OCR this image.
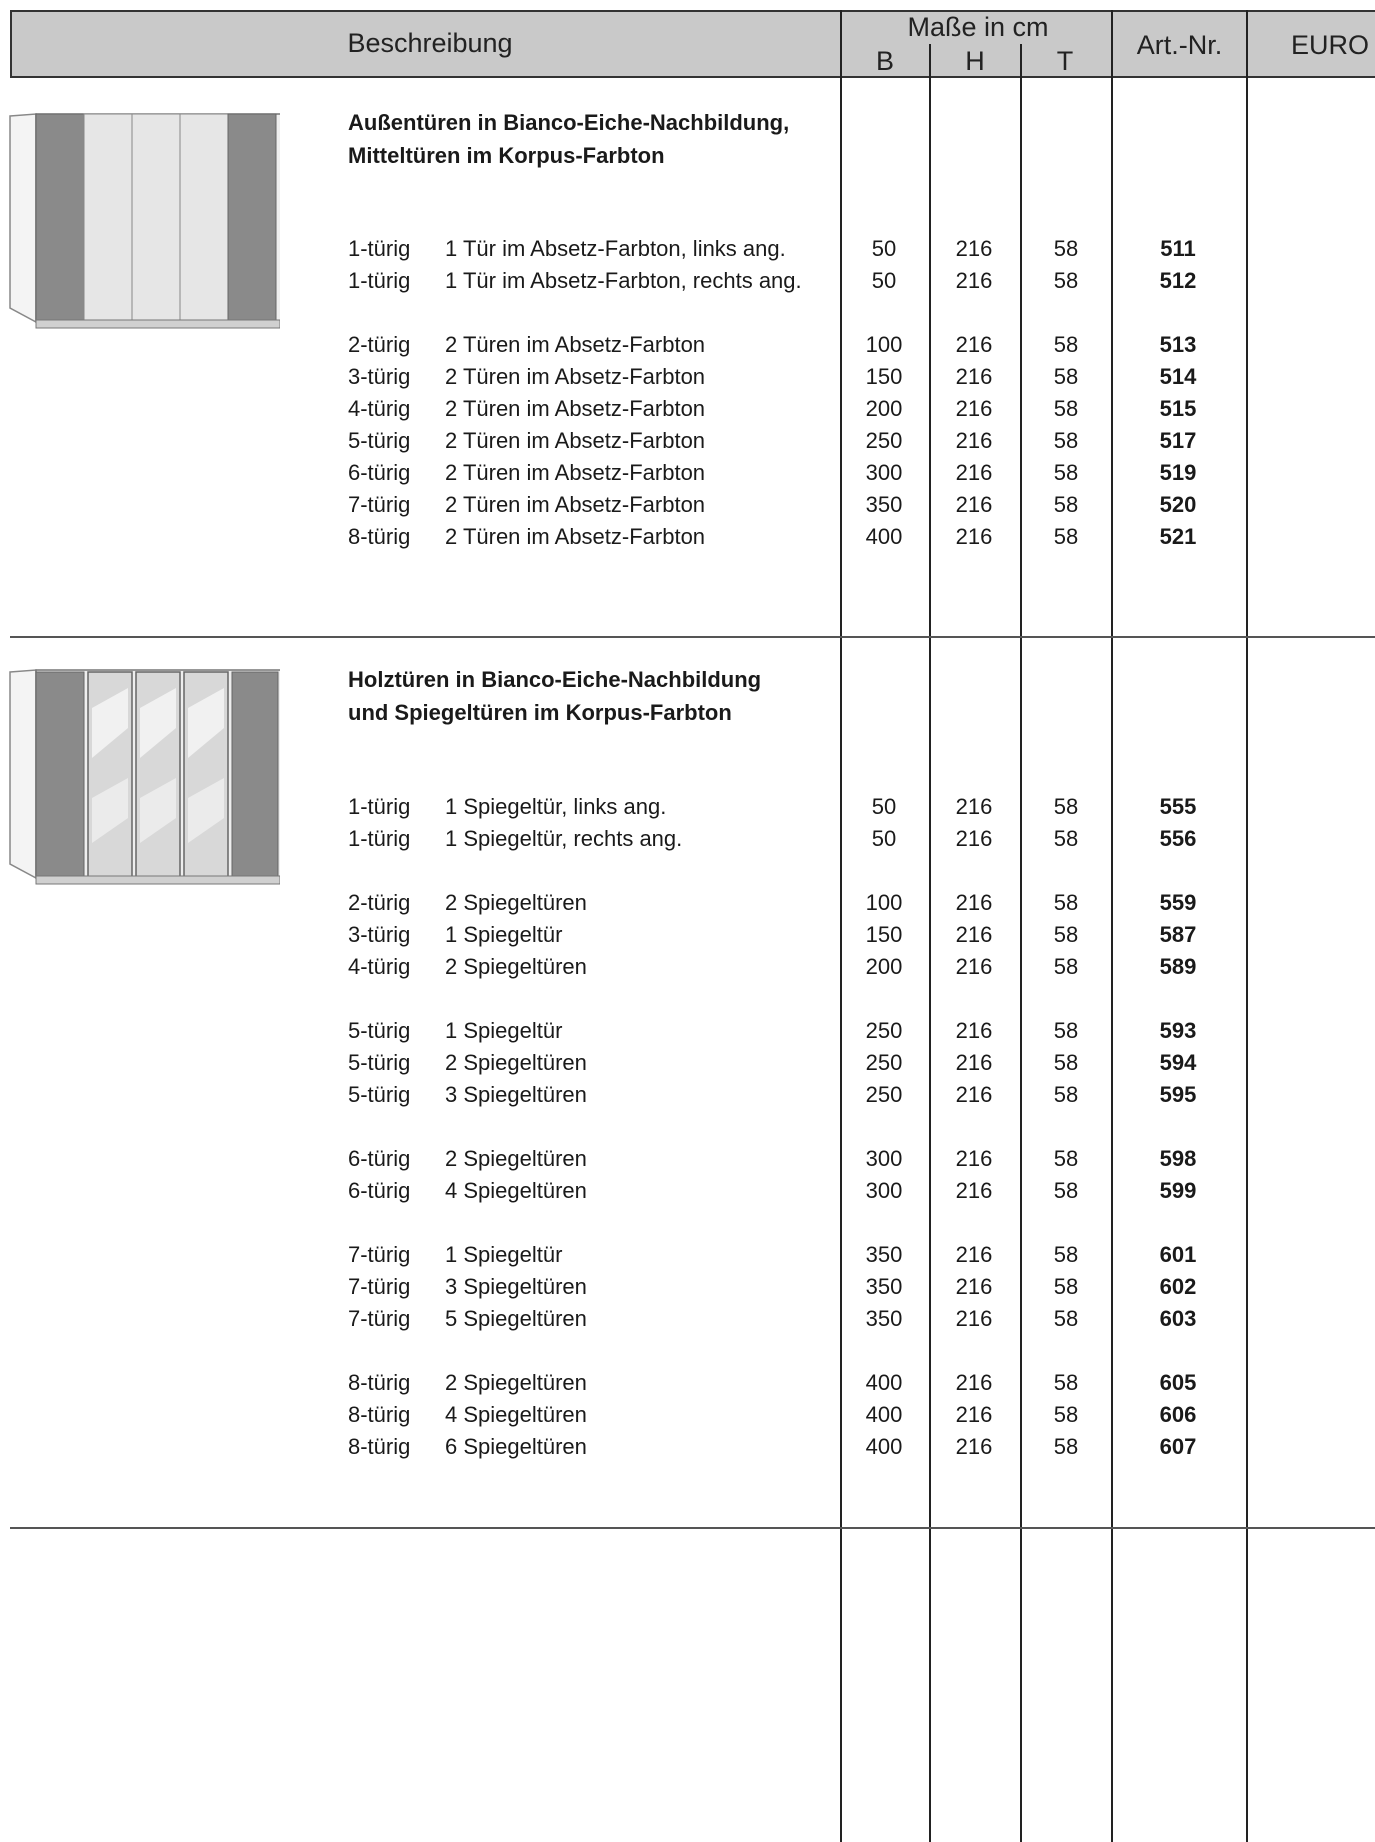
Beschreibung
Maße in cm
B	H	T
Art.-Nr.	EURO
Außentüren in Bianco-Eiche-Nachbildung,
Mitteltüren im Korpus-Farbton
Holztüren in Bianco-Eiche-Nachbildung
und Spiegeltüren im Korpus-Farbton
1-türig 1 Tür im Absetz-Farbton, links ang.	50	216	58	511
1-türig 1 Tür im Absetz-Farbton, rechts ang.	50	216	58	512
2-türig 2 Türen im Absetz-Farbton	100	216	58	513
3-türig 2 Türen im Absetz-Farbton	150	216	58	514
4-türig 2 Türen im Absetz-Farbton	200	216	58	515
5-türig 2 Türen im Absetz-Farbton	250	216	58	517
6-türig 2 Türen im Absetz-Farbton	300	216	58	519
7-türig 2 Türen im Absetz-Farbton	350	216	58	520
8-türig 2 Türen im Absetz-Farbton	400	216	58	521
1-türig 1 Spiegeltür, links ang.	50	216	58	555
1-türig 1 Spiegeltür, rechts ang.	50	216	58	556
2-türig 2 Spiegeltüren	100	216	58	559
3-türig 1 Spiegeltür	150	216	58	587
4-türig 2 Spiegeltüren	200	216	58	589
5-türig 1 Spiegeltür	250	216	58	593
5-türig 2 Spiegeltüren	250	216	58	594
5-türig 3 Spiegeltüren	250	216	58	595
6-türig 2 Spiegeltüren	300	216	58	598
6-türig 4 Spiegeltüren	300	216	58	599
7-türig 1 Spiegeltür	350	216	58	601
7-türig 3 Spiegeltüren	350	216	58	602
7-türig 5 Spiegeltüren	350	216	58	603
8-türig 2 Spiegeltüren	400	216	58	605
8-türig 4 Spiegeltüren	400	216	58	606
8-türig 6 Spiegeltüren	400	216	58	607
